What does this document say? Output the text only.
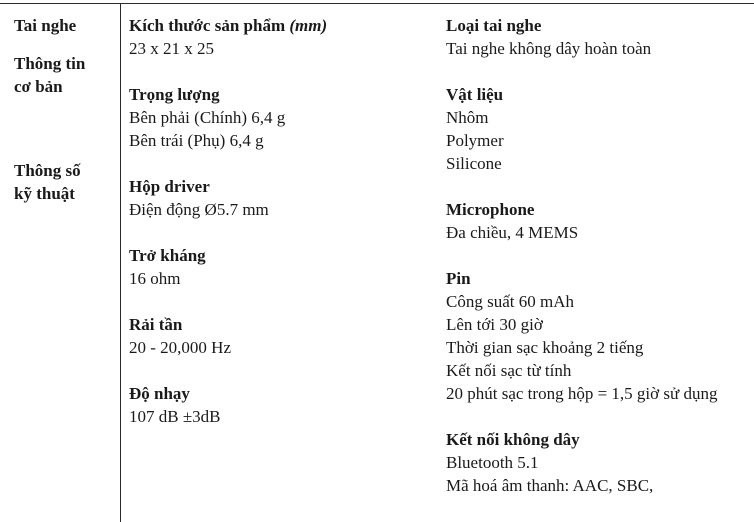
Tai nghe
Thông tin
cơ bản
Thông số
kỹ thuật
Kích thước sản phẩm (mm)
23 x 21 x 25
Trọng lượng
Bên phải (Chính) 6,4 g
Bên trái (Phụ) 6,4 g
Hộp driver
Điện động Ø5.7 mm
Trở kháng
16 ohm
Rải tần
20 - 20,000 Hz
Độ nhạy
107 dB ±3dB
Loại tai nghe
Tai nghe không dây hoàn toàn
Vật liệu
Nhôm
Polymer
Silicone
Microphone
Đa chiều, 4 MEMS
Pin
Công suất 60 mAh
Lên tới 30 giờ
Thời gian sạc khoảng 2 tiếng
Kết nối sạc từ tính
20 phút sạc trong hộp = 1,5 giờ sử dụng
Kết nối không dây
Bluetooth 5.1
Mã hoá âm thanh: AAC, SBC,
